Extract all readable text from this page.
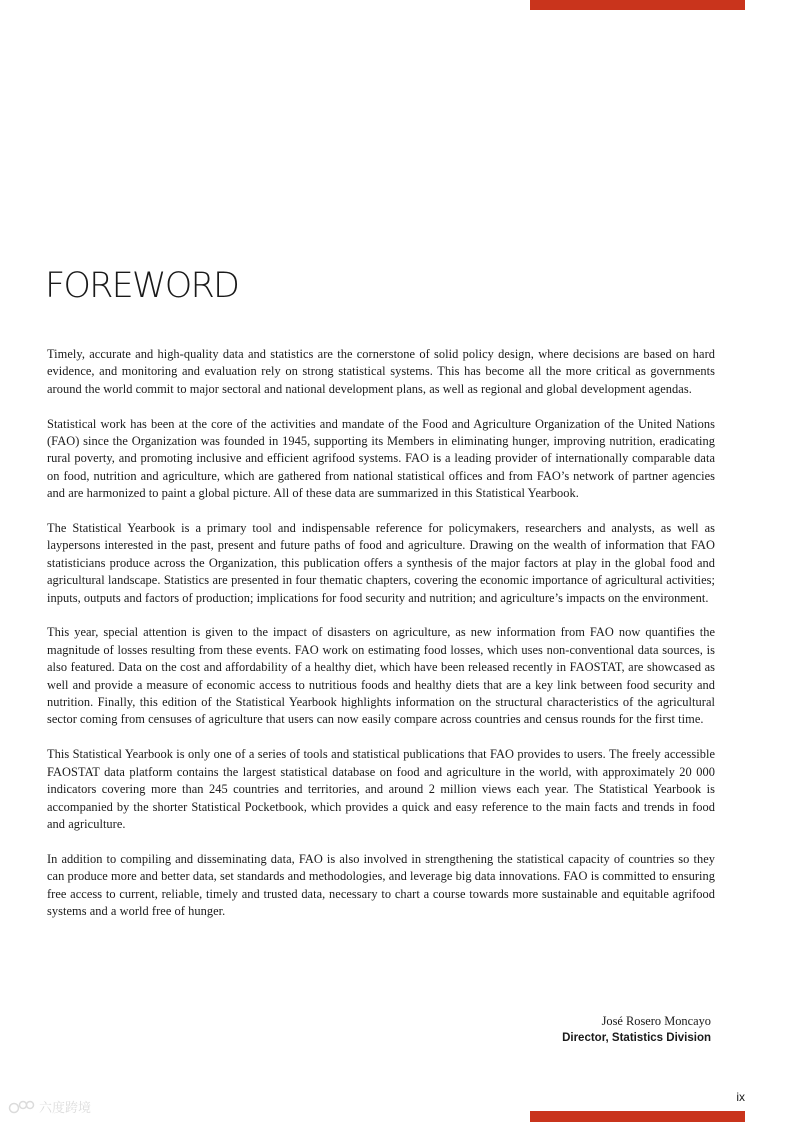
FOREWORD

Timely, accurate and high-quality data and statistics are the cornerstone of solid policy design, where decisions are based on hard evidence, and monitoring and evaluation rely on strong statistical systems. This has become all the more critical as governments around the world commit to major sectoral and national development plans, as well as regional and global development agendas.

Statistical work has been at the core of the activities and mandate of the Food and Agriculture Organization of the United Nations (FAO) since the Organization was founded in 1945, supporting its Members in eliminating hunger, improving nutrition, eradicating rural poverty, and promoting inclusive and efficient agrifood systems. FAO is a leading provider of internationally comparable data on food, nutrition and agriculture, which are gathered from national statistical offices and from FAO’s network of partner agencies and are harmonized to paint a global picture. All of these data are summarized in this Statistical Yearbook.

The Statistical Yearbook is a primary tool and indispensable reference for policymakers, researchers and analysts, as well as laypersons interested in the past, present and future paths of food and agriculture. Drawing on the wealth of information that FAO statisticians produce across the Organization, this publication offers a synthesis of the major factors at play in the global food and agricultural landscape. Statistics are presented in four thematic chapters, covering the economic importance of agricultural activities; inputs, outputs and factors of production; implications for food security and nutrition; and agriculture’s impacts on the environment.

This year, special attention is given to the impact of disasters on agriculture, as new information from FAO now quantifies the magnitude of losses resulting from these events. FAO work on estimating food losses, which uses non-conventional data sources, is also featured. Data on the cost and affordability of a healthy diet, which have been released recently in FAOSTAT, are showcased as well and provide a measure of economic access to nutritious foods and healthy diets that are a key link between food security and nutrition. Finally, this edition of the Statistical Yearbook highlights information on the structural characteristics of the agricultural sector coming from censuses of agriculture that users can now easily compare across countries and census rounds for the first time.

This Statistical Yearbook is only one of a series of tools and statistical publications that FAO provides to users. The freely accessible FAOSTAT data platform contains the largest statistical database on food and agriculture in the world, with approximately 20 000 indicators covering more than 245 countries and territories, and around 2 million views each year. The Statistical Yearbook is accompanied by the shorter Statistical Pocketbook, which provides a quick and easy reference to the main facts and trends in food and agriculture.

In addition to compiling and disseminating data, FAO is also involved in strengthening the statistical capacity of countries so they can produce more and better data, set standards and methodologies, and leverage big data innovations. FAO is committed to ensuring free access to current, reliable, timely and trusted data, necessary to chart a course towards more sustainable and equitable agrifood systems and a world free of hunger.

José Rosero Moncayo
Director, Statistics Division
ix
六度跨境
